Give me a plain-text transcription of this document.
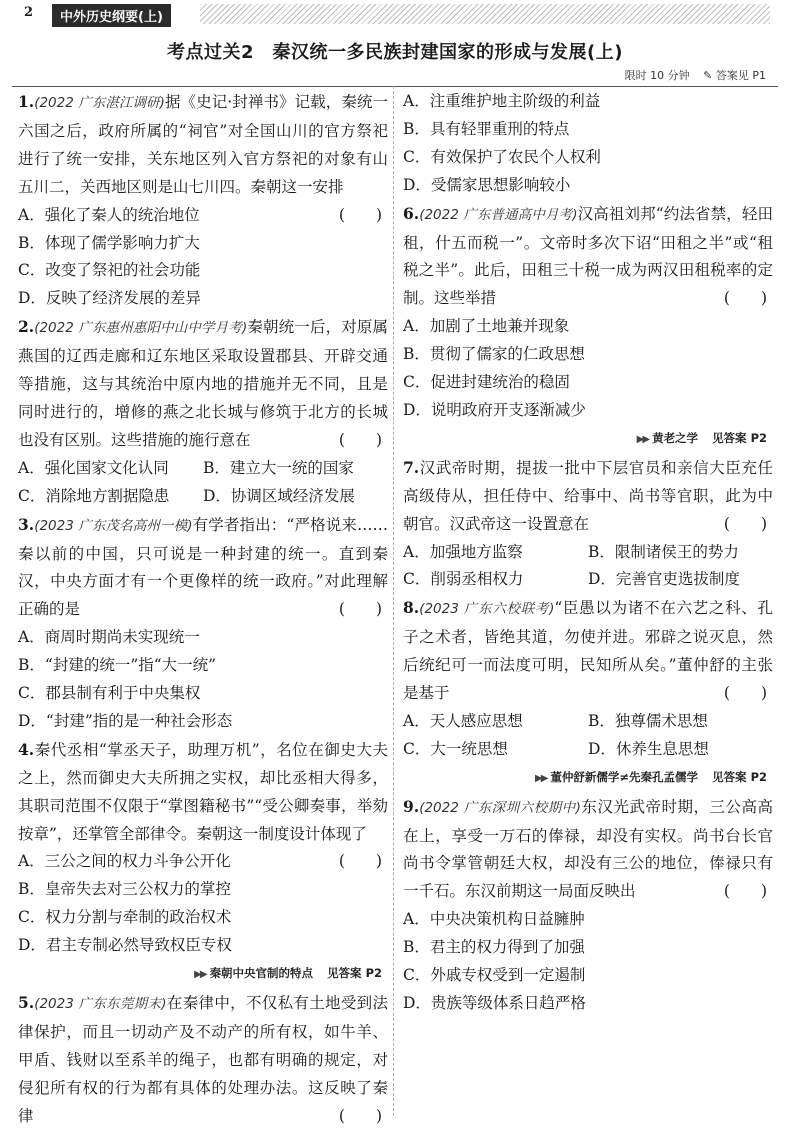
2	中外历史纲要(上)
考点过关2　秦汉统一多民族封建国家的形成与发展(上)
限时 10 分钟 ✎ 答案见 P1

1.(2022 广东湛江调研)据《史记·封禅书》记载，秦统一六国之后，政府所属的“祠官”对全国山川的官方祭祀进行了统一安排，关东地区列入官方祭祀的对象有山五川二，关西地区则是山七川四。秦朝这一安排
(　　)

A．强化了秦人的统治地位

B．体现了儒学影响力扩大

C．改变了祭祀的社会功能

D．反映了经济发展的差异

2.(2022 广东惠州惠阳中山中学月考)秦朝统一后，对原属燕国的辽西走廊和辽东地区采取设置郡县、开辟交通等措施，这与其统治中原内地的措施并无不同，且是同时进行的，增修的燕之北长城与修筑于北方的长城也没有区别。这些措施的施行意在	(　　)

A．强化国家文化认同	B．建立大一统的国家

C．消除地方割据隐患	D．协调区域经济发展

3.(2023 广东茂名高州一模)有学者指出：“严格说来……秦以前的中国，只可说是一种封建的统一。直到秦汉，中央方面才有一个更像样的统一政府。”对此理解正确的是	(　　)

A．商周时期尚未实现统一

B．“封建的统一”指“大一统”

C．郡县制有利于中央集权

D．“封建”指的是一种社会形态

4.秦代丞相“掌丞天子，助理万机”，名位在御史大夫之上，然而御史大夫所拥之实权，却比丞相大得多，其职司范围不仅限于“掌图籍秘书”“受公卿奏事，举劾按章”，还掌管全部律令。秦朝这一制度设计体现了
(　　)

A．三公之间的权力斗争公开化

B．皇帝失去对三公权力的掌控

C．权力分割与牵制的政治权术

D．君主专制必然导致权臣专权

▶▶ 秦朝中央官制的特点 见答案 P2

5.(2023 广东东莞期末)在秦律中，不仅私有土地受到法律保护，而且一切动产及不动产的所有权，如牛羊、甲盾、钱财以至系羊的绳子，也都有明确的规定，对侵犯所有权的行为都有具体的处理办法。这反映了秦律	(　　)

A．注重维护地主阶级的利益

B．具有轻罪重刑的特点

C．有效保护了农民个人权利

D．受儒家思想影响较小

6.(2022 广东普通高中月考)汉高祖刘邦“约法省禁，轻田租，什五而税一”。文帝时多次下诏“田租之半”或“租税之半”。此后，田租三十税一成为两汉田租税率的定制。这些举措	(　　)

A．加剧了土地兼并现象

B．贯彻了儒家的仁政思想

C．促进封建统治的稳固

D．说明政府开支逐渐减少

▶▶ 黄老之学 见答案 P2

7.汉武帝时期，提拔一批中下层官员和亲信大臣充任高级侍从，担任侍中、给事中、尚书等官职，此为中朝官。汉武帝这一设置意在	(　　)

A．加强地方监察	B．限制诸侯王的势力

C．削弱丞相权力	D．完善官吏选拔制度

8.(2023 广东六校联考)“臣愚以为诸不在六艺之科、孔子之术者，皆绝其道，勿使并进。邪辟之说灭息，然后统纪可一而法度可明，民知所从矣。”董仲舒的主张是基于	(　　)

A．天人感应思想	B．独尊儒术思想

C．大一统思想	D．休养生息思想

▶▶ 董仲舒新儒学≠先秦孔孟儒学 见答案 P2

9.(2022 广东深圳六校期中)东汉光武帝时期，三公高高在上，享受一万石的俸禄，却没有实权。尚书台长官尚书令掌管朝廷大权，却没有三公的地位，俸禄只有一千石。东汉前期这一局面反映出	(　　)

A．中央决策机构日益臃肿

B．君主的权力得到了加强

C．外戚专权受到一定遏制

D．贵族等级体系日趋严格
